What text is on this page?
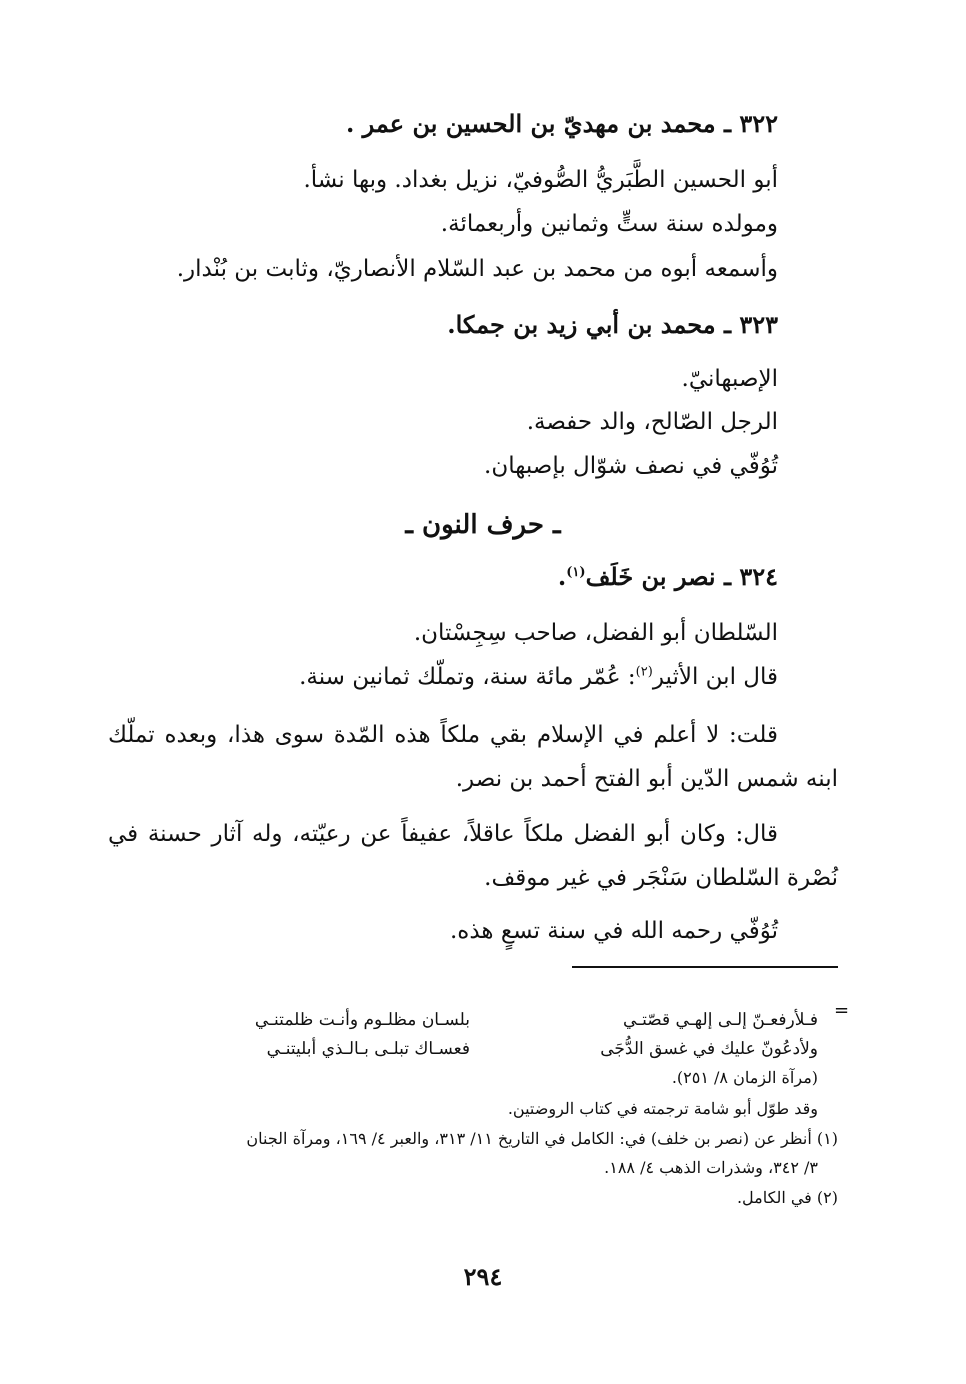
٣٢٢ ـ محمد بن مهديّ بن الحسين بن عمر .
أبو الحسين الطَّبَريُّ الصُّوفيّ، نزيل بغداد. وبها نشأ.
ومولده سنة ستٍّ وثمانين وأربعمائة.
وأسمعه أبوه من محمد بن عبد السّلام الأنصاريّ، وثابت بن بُنْدار.
٣٢٣ ـ محمد بن أبي زيد بن جمكا.
الإصبهانيّ.
الرجل الصّالح، والد حفصة.
تُوُفّي في نصف شوّال بإصبهان.
ـ حرف النون ـ
٣٢٤ ـ نصر بن خَلَف$^{(١)}$.
السّلطان أبو الفضل، صاحب سِجِسْتان.
قال ابن الأثير$^{(٢)}$: عُمّر مائة سنة، وتملّك ثمانين سنة.
قلت: لا أعلم في الإسلام بقي ملكاً هذه المّدة سوى هذا، وبعده تملّك
ابنه شمس الدّين أبو الفتح أحمد بن نصر.
قال: وكان أبو الفضل ملكاً عاقلاً، عفيفاً عن رعيّته، وله آثار حسنة في
نُصْرة السّلطان سَنْجَر في غير موقف.
تُوُفّي رحمه الله في سنة تسعٍ هذه.
=
فـلأرفعـنّ إلـى إلهـي قصّتـي
بلسـان مظلـوم وأنـت ظلمتنـي
ولأدعُونّ عليك في غسق الدُّجَى
فعسـاك تبلـى بـالـذي أبليتنـي
(مرآة الزمان ٨/ ٢٥١).
وقد طوّل أبو شامة ترجمته في كتاب الروضتين.
(١) أنظر عن (نصر بن خلف) في: الكامل في التاريخ ١١/ ٣١٣، والعبر ٤/ ١٦٩، ومرآة الجنان
٣/ ٣٤٢، وشذرات الذهب ٤/ ١٨٨.
(٢) في الكامل.
٢٩٤
